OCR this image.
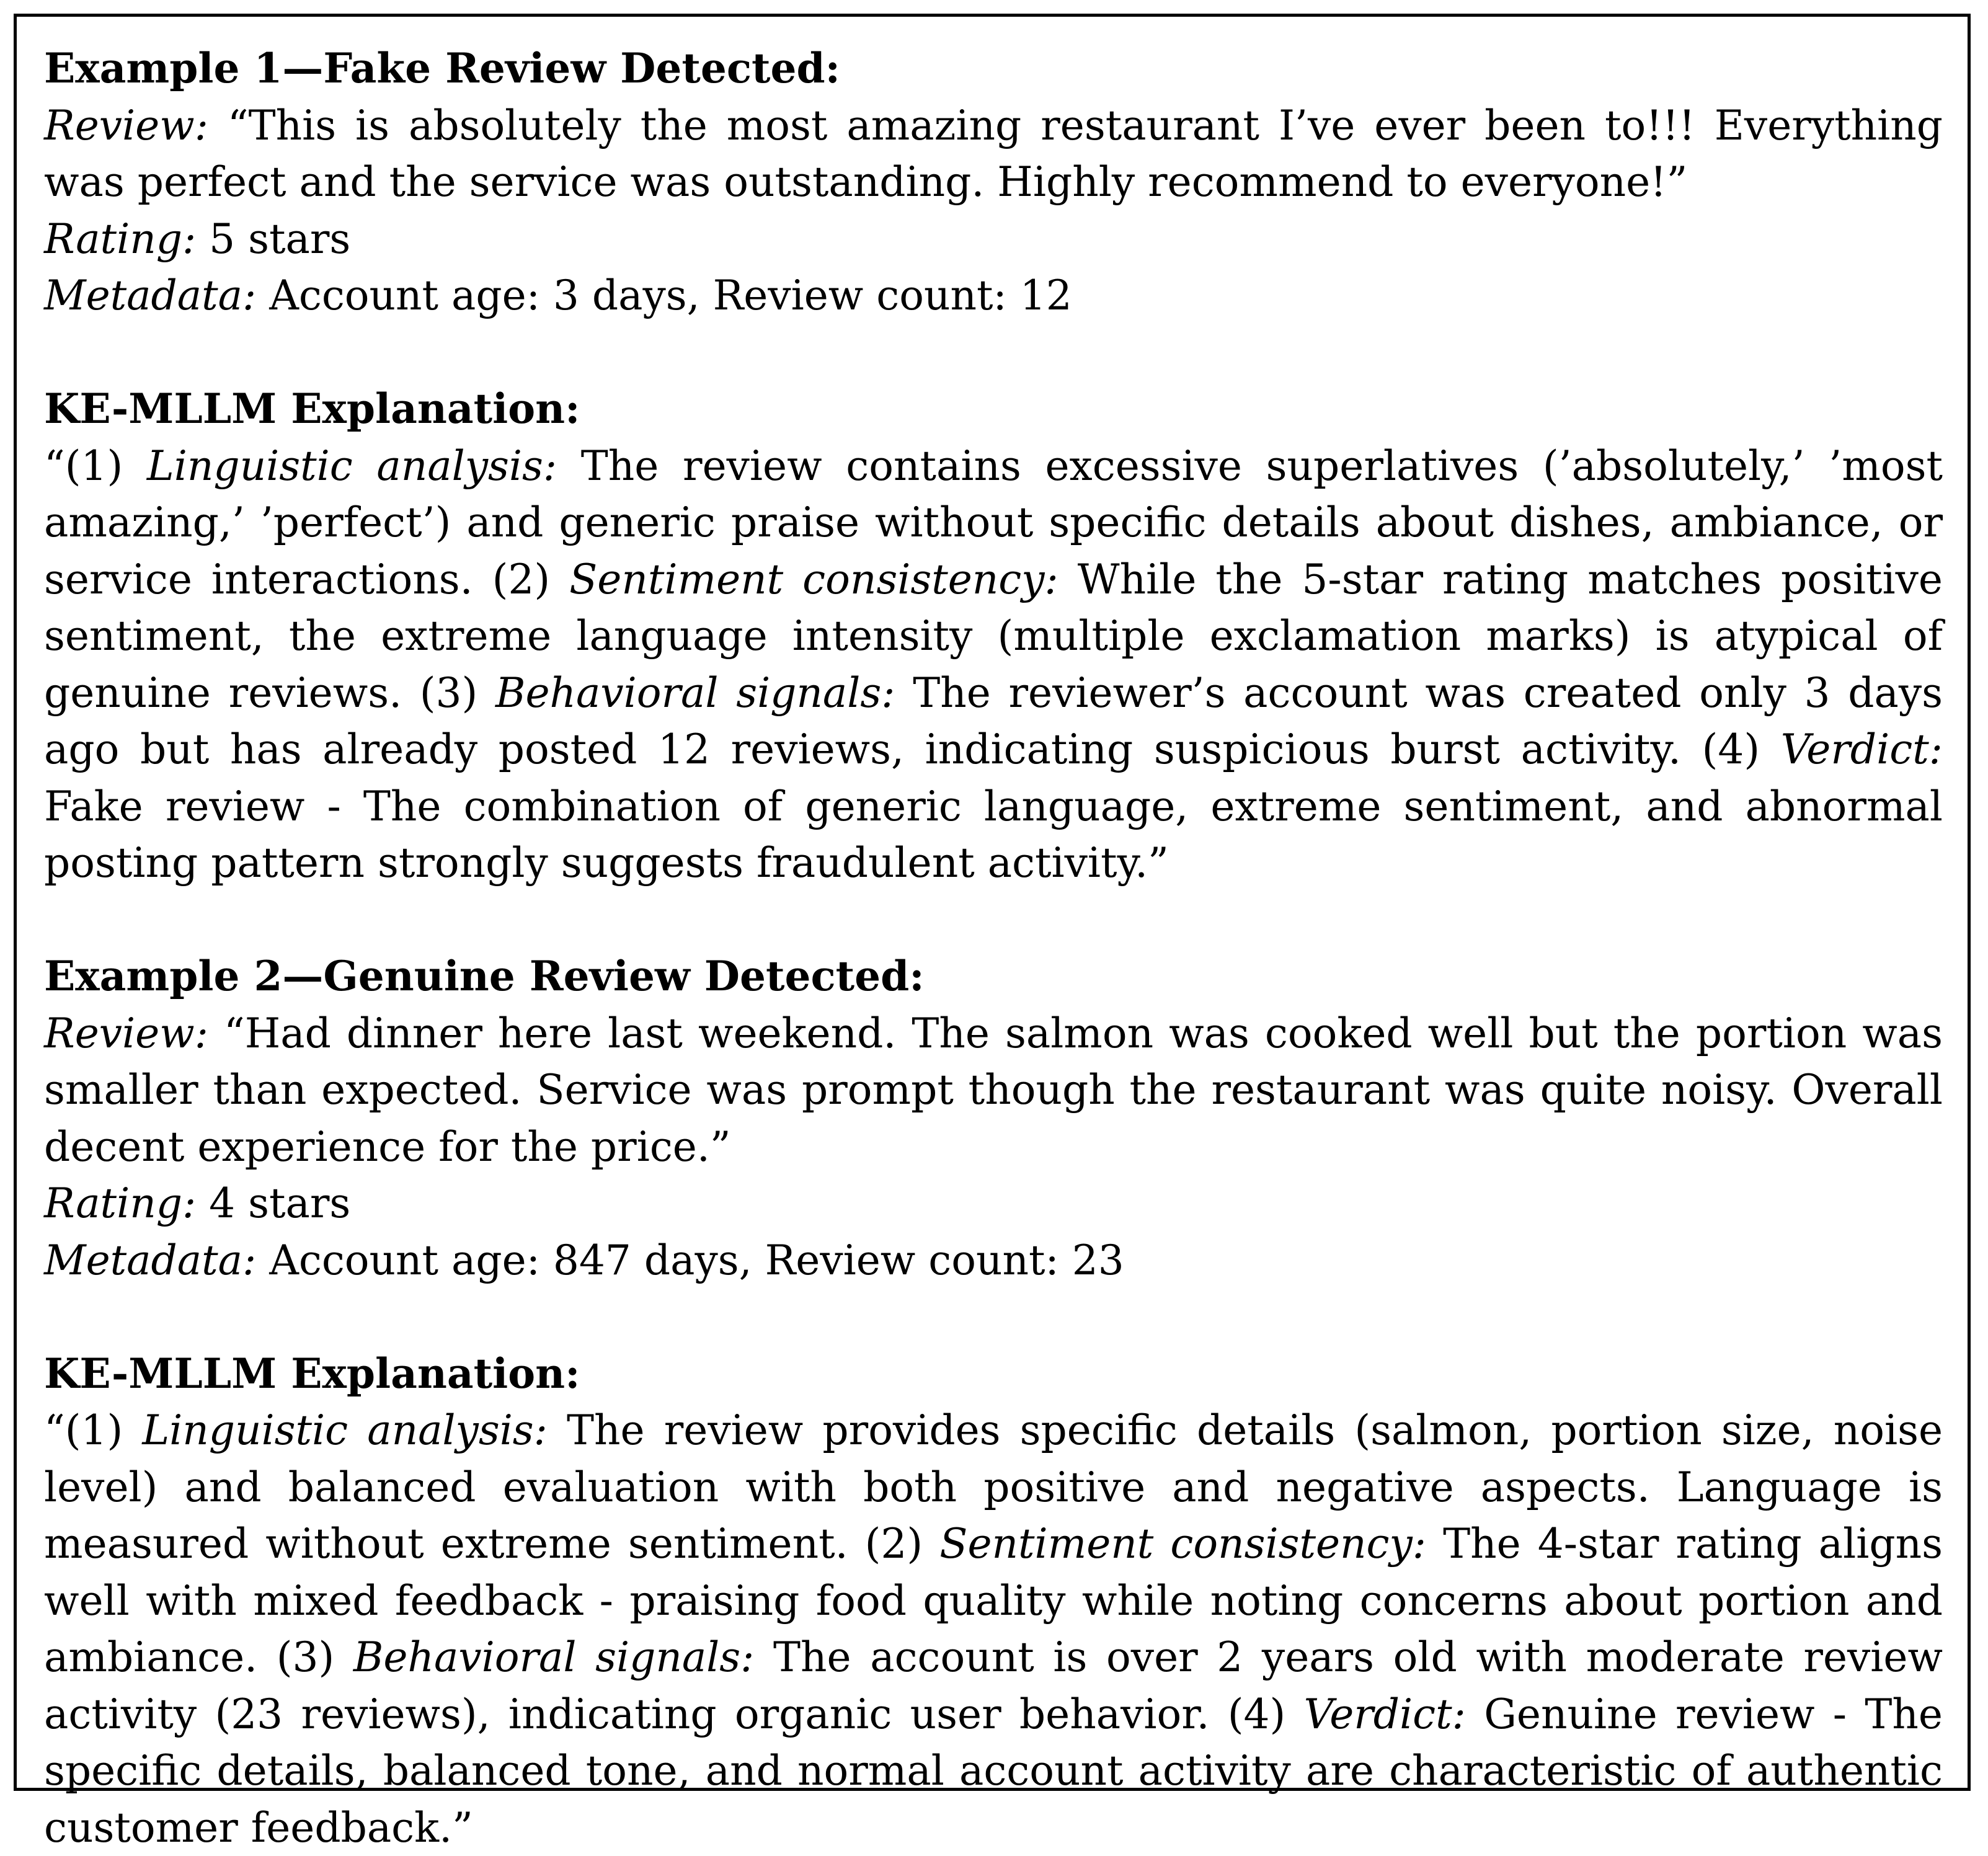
Example 1—Fake Review Detected:

Review: “This is absolutely the most amazing restaurant I’ve ever been to!!! Everything was perfect and the service was outstanding. Highly recommend to everyone!”

Rating: 5 stars

Metadata: Account age: 3 days, Review count: 12

KE-MLLM Explanation:

“(1) Linguistic analysis: The review contains excessive superlatives (’absolutely,’ ’most amazing,’ ’perfect’) and generic praise without specific details about dishes, ambiance, or service interactions. (2) Sentiment consistency: While the 5-star rating matches positive sentiment, the extreme language intensity (multiple exclamation marks) is atypical of genuine reviews. (3) Behavioral signals: The reviewer’s account was created only 3 days ago but has already posted 12 reviews, indicating suspicious burst activity. (4) Verdict: Fake review - The combination of generic language, extreme sentiment, and abnormal posting pattern strongly suggests fraudulent activity.”

Example 2—Genuine Review Detected:

Review: “Had dinner here last weekend. The salmon was cooked well but the portion was smaller than expected. Service was prompt though the restaurant was quite noisy. Overall decent experience for the price.”

Rating: 4 stars

Metadata: Account age: 847 days, Review count: 23

KE-MLLM Explanation:

“(1) Linguistic analysis: The review provides specific details (salmon, portion size, noise level) and balanced evaluation with both positive and negative aspects. Language is measured without extreme sentiment. (2) Sentiment consistency: The 4-star rating aligns well with mixed feedback - praising food quality while noting concerns about portion and ambiance. (3) Behavioral signals: The account is over 2 years old with moderate review activity (23 reviews), indicating organic user behavior. (4) Verdict: Genuine review - The specific details, balanced tone, and normal account activity are characteristic of authentic customer feedback.”
